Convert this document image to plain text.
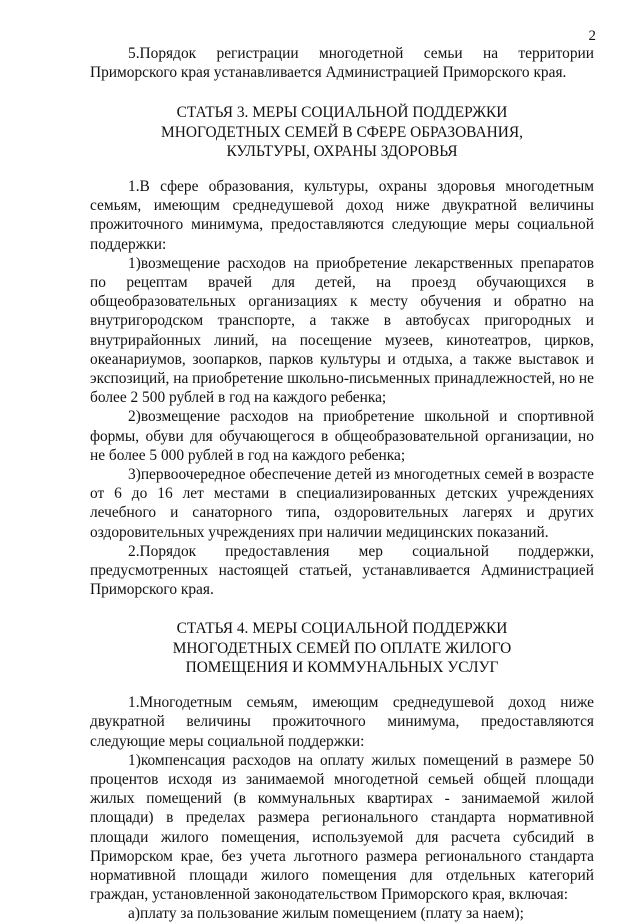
2

5.Порядок регистрации многодетной семьи на территории Приморского края устанавливается Администрацией Приморского края.

СТАТЬЯ 3. МЕРЫ СОЦИАЛЬНОЙ ПОДДЕРЖКИ МНОГОДЕТНЫХ СЕМЕЙ В СФЕРЕ ОБРАЗОВАНИЯ, КУЛЬТУРЫ, ОХРАНЫ ЗДОРОВЬЯ

1.В сфере образования, культуры, охраны здоровья многодетным семьям, имеющим среднедушевой доход ниже двукратной величины прожиточного минимума, предоставляются следующие меры социальной поддержки:

1)возмещение расходов на приобретение лекарственных препаратов по рецептам врачей для детей, на проезд обучающихся в общеобразовательных организациях к месту обучения и обратно на внутригородском транспорте, а также в автобусах пригородных и внутрирайонных линий, на посещение музеев, кинотеатров, цирков, океанариумов, зоопарков, парков культуры и отдыха, а также выставок и экспозиций, на приобретение школьно-письменных принадлежностей, но не более 2 500 рублей в год на каждого ребенка;

2)возмещение расходов на приобретение школьной и спортивной формы, обуви для обучающегося в общеобразовательной организации, но не более 5 000 рублей в год на каждого ребенка;

3)первоочередное обеспечение детей из многодетных семей в возрасте от 6 до 16 лет местами в специализированных детских учреждениях лечебного и санаторного типа, оздоровительных лагерях и других оздоровительных учреждениях при наличии медицинских показаний.

2.Порядок предоставления мер социальной поддержки, предусмотренных настоящей статьей, устанавливается Администрацией Приморского края.

СТАТЬЯ 4. МЕРЫ СОЦИАЛЬНОЙ ПОДДЕРЖКИ МНОГОДЕТНЫХ СЕМЕЙ ПО ОПЛАТЕ ЖИЛОГО ПОМЕЩЕНИЯ И КОММУНАЛЬНЫХ УСЛУГ

1.Многодетным семьям, имеющим среднедушевой доход ниже двукратной величины прожиточного минимума, предоставляются следующие меры социальной поддержки:

1)компенсация расходов на оплату жилых помещений в размере 50 процентов исходя из занимаемой многодетной семьей общей площади жилых помещений (в коммунальных квартирах - занимаемой жилой площади) в пределах размера регионального стандарта нормативной площади жилого помещения, используемой для расчета субсидий в Приморском крае, без учета льготного размера регионального стандарта нормативной площади жилого помещения для отдельных категорий граждан, установленной законодательством Приморского края, включая:

а)плату за пользование жилым помещением (плату за наем);
